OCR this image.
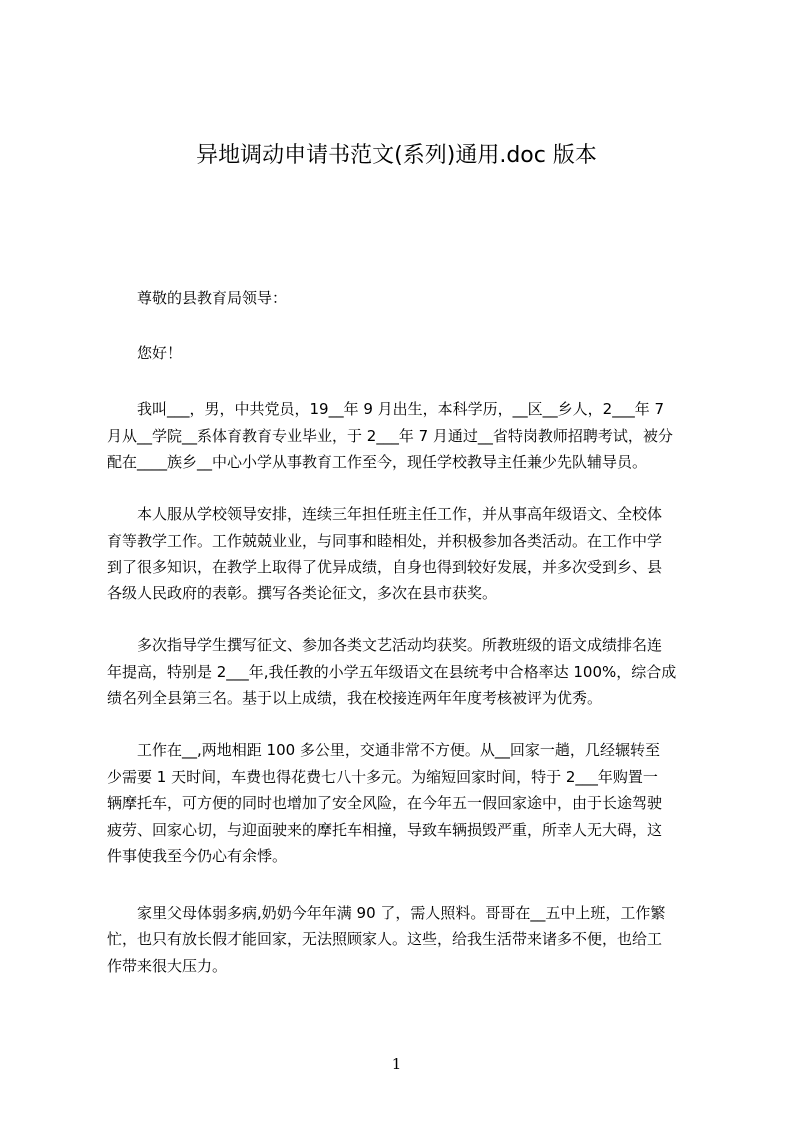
异地调动申请书范文(系列)通用.doc 版本
　　尊敬的县教育局领导：
　　您好！
　　我叫___，男，中共党员，19__年 9 月出生，本科学历，__区__乡人，2___年 7
月从__学院__系体育教育专业毕业，于 2___年 7 月通过__省特岗教师招聘考试，被分
配在____族乡__中心小学从事教育工作至今，现任学校教导主任兼少先队辅导员。
　　本人服从学校领导安排，连续三年担任班主任工作，并从事高年级语文、全校体
育等教学工作。工作兢兢业业，与同事和睦相处，并积极参加各类活动。在工作中学
到了很多知识，在教学上取得了优异成绩，自身也得到较好发展，并多次受到乡、县
各级人民政府的表彰。撰写各类论征文，多次在县市获奖。
　　多次指导学生撰写征文、参加各类文艺活动均获奖。所教班级的语文成绩排名连
年提高，特别是 2___年,我任教的小学五年级语文在县统考中合格率达 100%，综合成
绩名列全县第三名。基于以上成绩，我在校接连两年年度考核被评为优秀。
　　工作在__,两地相距 100 多公里，交通非常不方便。从__回家一趟，几经辗转至
少需要 1 天时间，车费也得花费七八十多元。为缩短回家时间，特于 2___年购置一
辆摩托车，可方便的同时也增加了安全风险，在今年五一假回家途中，由于长途驾驶
疲劳、回家心切，与迎面驶来的摩托车相撞，导致车辆损毁严重，所幸人无大碍，这
件事使我至今仍心有余悸。
　　家里父母体弱多病,奶奶今年年满 90 了，需人照料。哥哥在__五中上班，工作繁
忙，也只有放长假才能回家，无法照顾家人。这些，给我生活带来诸多不便，也给工
作带来很大压力。
1
